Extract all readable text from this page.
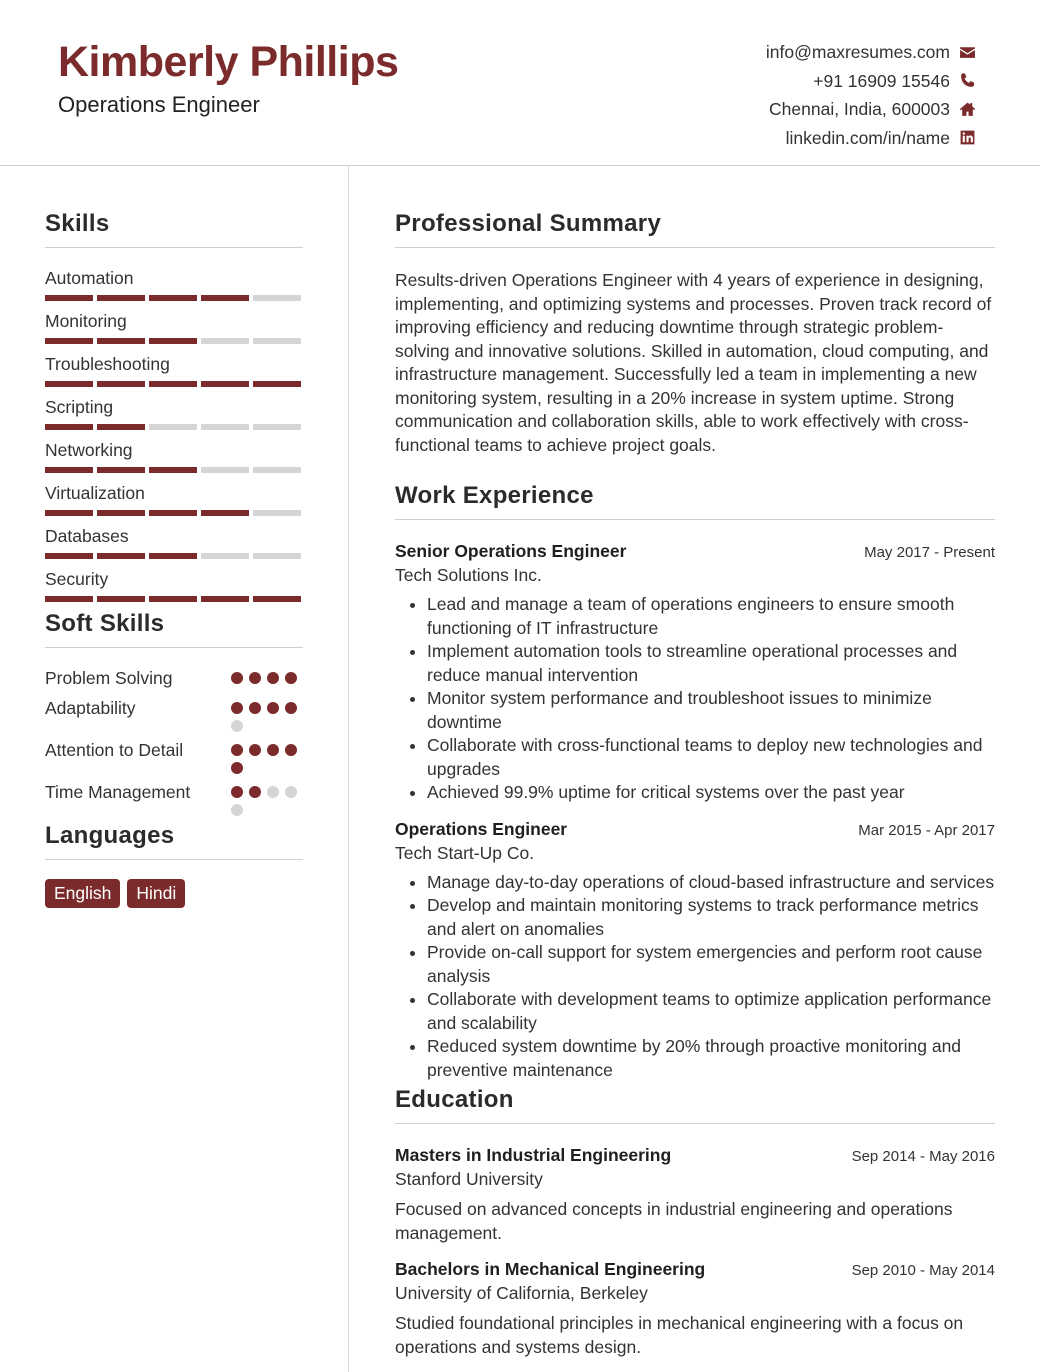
Kimberly Phillips
Operations Engineer
info@maxresumes.com
+91 16909 15546
Chennai, India, 600003
linkedin.com/in/name
Skills
Automation
Monitoring
Troubleshooting
Scripting
Networking
Virtualization
Databases
Security
Soft Skills
Problem Solving
Adaptability
Attention to Detail
Time Management
Languages
English	Hindi
Professional Summary
Results-driven Operations Engineer with 4 years of experience in designing, implementing, and optimizing systems and processes. Proven track record of improving efficiency and reducing downtime through strategic problem-solving and innovative solutions. Skilled in automation, cloud computing, and infrastructure management. Successfully led a team in implementing a new monitoring system, resulting in a 20% increase in system uptime. Strong communication and collaboration skills, able to work effectively with cross-functional teams to achieve project goals.
Work Experience
Senior Operations Engineer	May 2017 - Present
Tech Solutions Inc.
• Lead and manage a team of operations engineers to ensure smooth functioning of IT infrastructure
• Implement automation tools to streamline operational processes and reduce manual intervention
• Monitor system performance and troubleshoot issues to minimize downtime
• Collaborate with cross-functional teams to deploy new technologies and upgrades
• Achieved 99.9% uptime for critical systems over the past year
Operations Engineer	Mar 2015 - Apr 2017
Tech Start-Up Co.
• Manage day-to-day operations of cloud-based infrastructure and services
• Develop and maintain monitoring systems to track performance metrics and alert on anomalies
• Provide on-call support for system emergencies and perform root cause analysis
• Collaborate with development teams to optimize application performance and scalability
• Reduced system downtime by 20% through proactive monitoring and preventive maintenance
Education
Masters in Industrial Engineering	Sep 2014 - May 2016
Stanford University
Focused on advanced concepts in industrial engineering and operations management.
Bachelors in Mechanical Engineering	Sep 2010 - May 2014
University of California, Berkeley
Studied foundational principles in mechanical engineering with a focus on operations and systems design.
